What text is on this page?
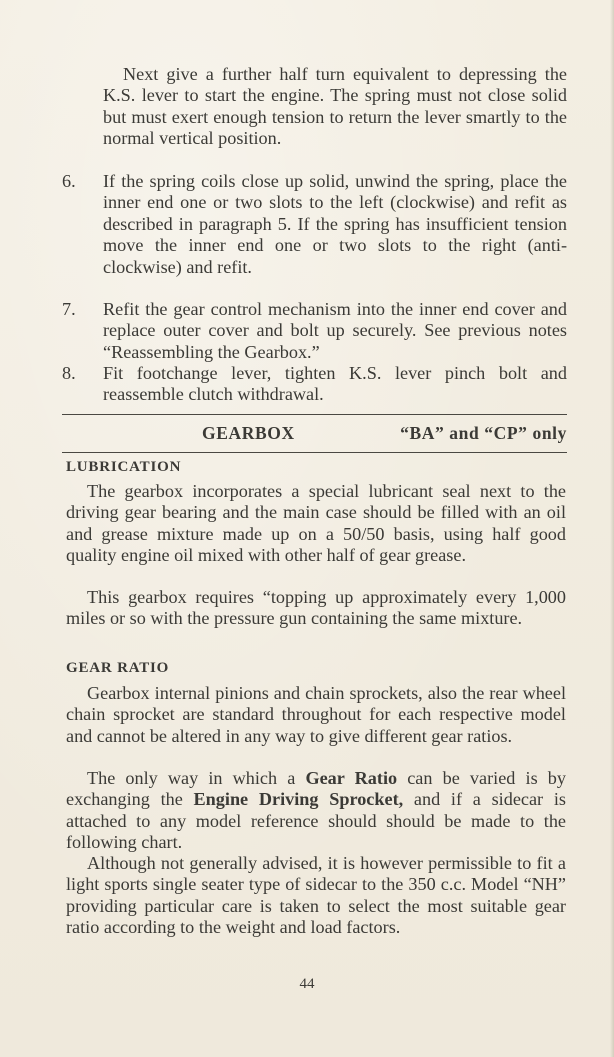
Next give a further half turn equivalent to depressing the K.S. lever to start the engine. The spring must not close solid but must exert enough tension to return the lever smartly to the normal vertical position.

6. If the spring coils close up solid, unwind the spring, place the inner end one or two slots to the left (clockwise) and refit as described in paragraph 5. If the spring has insufficient tension move the inner end one or two slots to the right (anti-clockwise) and refit.

7. Refit the gear control mechanism into the inner end cover and replace outer cover and bolt up securely. See previous notes “Reassembling the Gearbox.”

8. Fit footchange lever, tighten K.S. lever pinch bolt and reassemble clutch withdrawal.

GEARBOX	“BA” and “CP” only

LUBRICATION

The gearbox incorporates a special lubricant seal next to the driving gear bearing and the main case should be filled with an oil and grease mixture made up on a 50/50 basis, using half good quality engine oil mixed with other half of gear grease.

This gearbox requires “topping up approximately every 1,000 miles or so with the pressure gun containing the same mixture.

GEAR RATIO

Gearbox internal pinions and chain sprockets, also the rear wheel chain sprocket are standard throughout for each respective model and cannot be altered in any way to give different gear ratios.

The only way in which a Gear Ratio can be varied is by exchanging the Engine Driving Sprocket, and if a sidecar is attached to any model reference should should be made to the following chart.

Although not generally advised, it is however permissible to fit a light sports single seater type of sidecar to the 350 c.c. Model “NH” providing particular care is taken to select the most suitable gear ratio according to the weight and load factors.

44
